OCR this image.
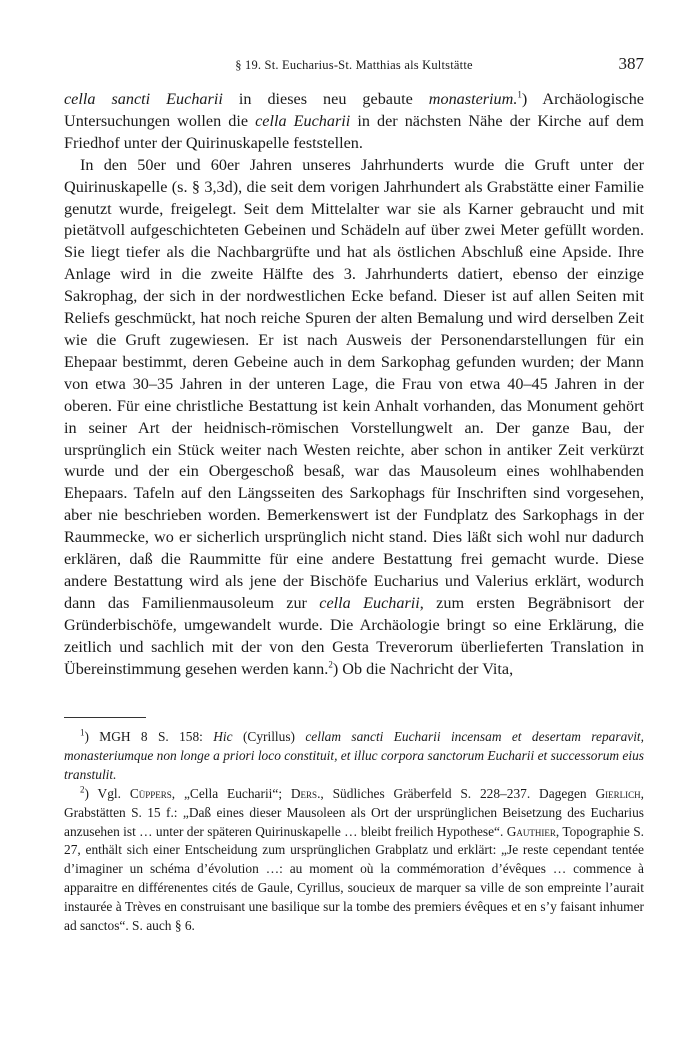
§ 19. St. Eucharius-St. Matthias als Kultstätte	387

cella sancti Eucharii in dieses neu gebaute monasterium.$^1$) Archäologische Untersuchungen wollen die cella Eucharii in der nächsten Nähe der Kirche auf dem Friedhof unter der Quirinuskapelle feststellen.

In den 50er und 60er Jahren unseres Jahrhunderts wurde die Gruft unter der Quirinuskapelle (s. § 3,3d), die seit dem vorigen Jahrhundert als Grabstätte einer Familie genutzt wurde, freigelegt. Seit dem Mittelalter war sie als Karner gebraucht und mit pietätvoll aufgeschichteten Gebeinen und Schädeln auf über zwei Meter gefüllt worden. Sie liegt tiefer als die Nachbargrüfte und hat als östlichen Abschluß eine Apside. Ihre Anlage wird in die zweite Hälfte des 3. Jahrhunderts datiert, ebenso der einzige Sakrophag, der sich in der nordwestlichen Ecke befand. Dieser ist auf allen Seiten mit Reliefs geschmückt, hat noch reiche Spuren der alten Bemalung und wird derselben Zeit wie die Gruft zugewiesen. Er ist nach Ausweis der Personendarstellungen für ein Ehepaar bestimmt, deren Gebeine auch in dem Sarkophag gefunden wurden; der Mann von etwa 30–35 Jahren in der unteren Lage, die Frau von etwa 40–45 Jahren in der oberen. Für eine christliche Bestattung ist kein Anhalt vorhanden, das Monument gehört in seiner Art der heidnisch-römischen Vorstellungwelt an. Der ganze Bau, der ursprünglich ein Stück weiter nach Westen reichte, aber schon in antiker Zeit verkürzt wurde und der ein Obergeschoß besaß, war das Mausoleum eines wohlhabenden Ehepaars. Tafeln auf den Längsseiten des Sarkophags für Inschriften sind vorgesehen, aber nie beschrieben worden. Bemerkenswert ist der Fundplatz des Sarkophags in der Raummecke, wo er sicherlich ursprünglich nicht stand. Dies läßt sich wohl nur dadurch erklären, daß die Raummitte für eine andere Bestattung frei gemacht wurde. Diese andere Bestattung wird als jene der Bischöfe Eucharius und Valerius erklärt, wodurch dann das Familienmausoleum zur cella Eucharii, zum ersten Begräbnisort der Gründerbischöfe, umgewandelt wurde. Die Archäologie bringt so eine Erklärung, die zeitlich und sachlich mit der von den Gesta Treverorum überlieferten Translation in Übereinstimmung gesehen werden kann.$^2$) Ob die Nachricht der Vita,

$^1$) MGH 8 S. 158: Hic (Cyrillus) cellam sancti Eucharii incensam et desertam reparavit, monasteriumque non longe a priori loco constituit, et illuc corpora sanctorum Eucharii et successorum eius transtulit.

$^2$) Vgl. Cüppers, „Cella Eucharii“; Ders., Südliches Gräberfeld S. 228–237. Dagegen Gierlich, Grabstätten S. 15 f.: „Daß eines dieser Mausoleen als Ort der ursprünglichen Beisetzung des Eucharius anzusehen ist … unter der späteren Quirinuskapelle … bleibt freilich Hypothese“. Gauthier, Topographie S. 27, enthält sich einer Entscheidung zum ursprünglichen Grabplatz und erklärt: „Je reste cependant tentée d’imaginer un schéma d’évolution …: au moment où la commémoration d’évêques … commence à apparaitre en différenentes cités de Gaule, Cyrillus, soucieux de marquer sa ville de son empreinte l’aurait instaurée à Trèves en construisant une basilique sur la tombe des premiers évêques et en s’y faisant inhumer ad sanctos“. S. auch § 6.
